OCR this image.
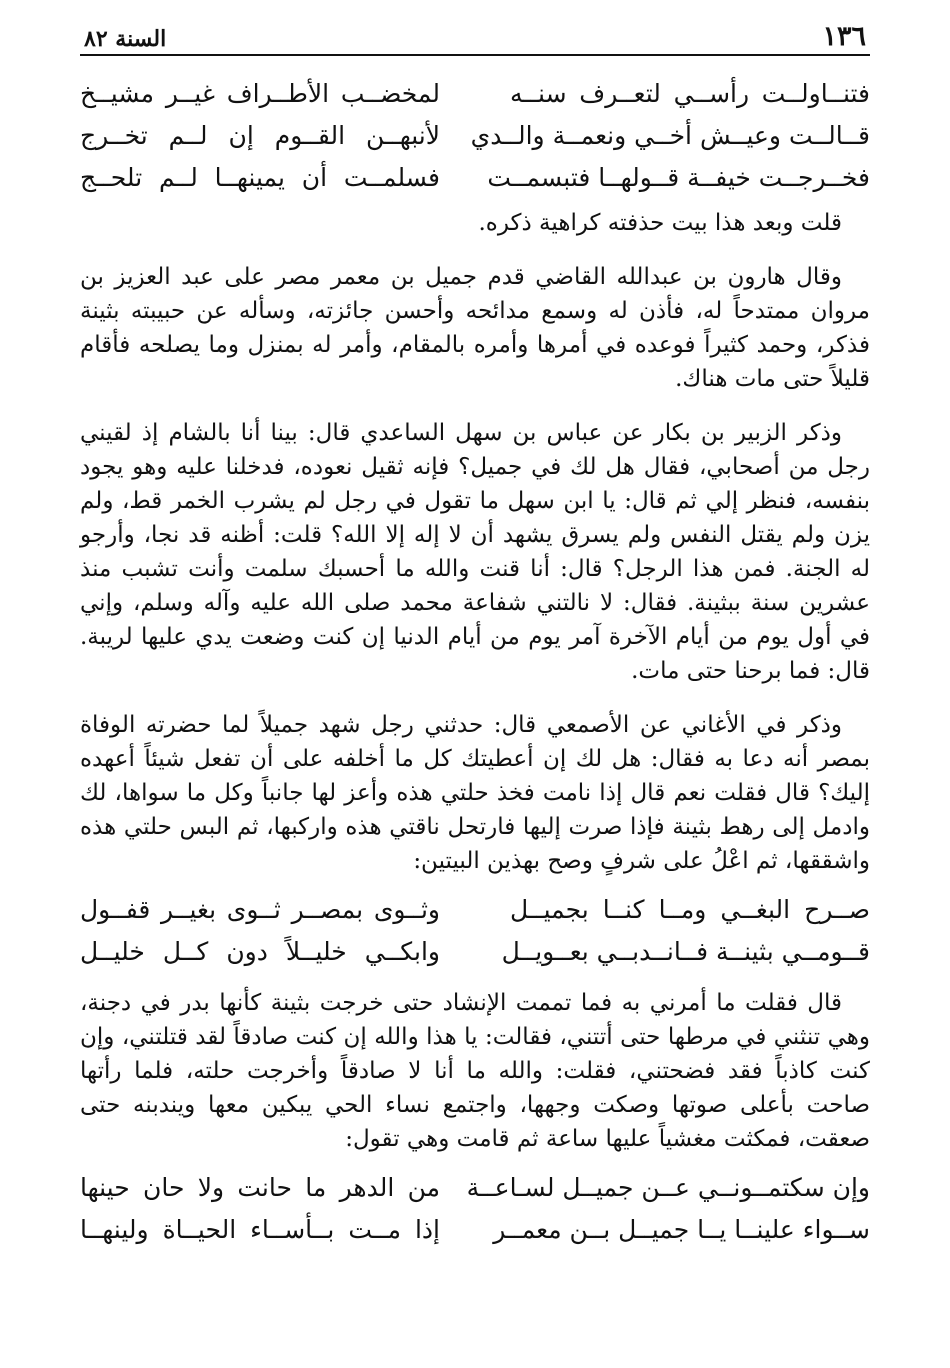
١٣٦
السنة ٨٢
فتنــاولــت رأســي لتعــرف سنــه
لمخضــب الأطــراف غيــر مشيــخ
قــالــت وعيــش أخــي ونعمــة والــدي
لأنبهــن القــوم إن لــم تخــرج
فخــرجــت خيفــة قــولهــا فتبسمــت
فسلمــت أن يمينهــا لــم تلحــج

قلت وبعد هذا بيت حذفته كراهية ذكره.

وقال هارون بن عبدالله القاضي قدم جميل بن معمر مصر على عبد العزيز بن مروان ممتدحاً له، فأذن له وسمع مدائحه وأحسن جائزته، وسأله عن حبيبته بثينة فذكر، وحمد كثيراً فوعده في أمرها وأمره بالمقام، وأمر له بمنزل وما يصلحه فأقام قليلاً حتى مات هناك.

وذكر الزبير بن بكار عن عباس بن سهل الساعدي قال: بينا أنا بالشام إذ لقيني رجل من أصحابي، فقال هل لك في جميل؟ فإنه ثقيل نعوده، فدخلنا عليه وهو يجود بنفسه، فنظر إلي ثم قال: يا ابن سهل ما تقول في رجل لم يشرب الخمر قط، ولم يزن ولم يقتل النفس ولم يسرق يشهد أن لا إله إلا الله؟ قلت: أظنه قد نجا، وأرجو له الجنة. فمن هذا الرجل؟ قال: أنا قنت والله ما أحسبك سلمت وأنت تشبب منذ عشرين سنة ببثينة. فقال: لا نالتني شفاعة محمد صلى الله عليه وآله وسلم، وإني في أول يوم من أيام الآخرة آمر يوم من أيام الدنيا إن كنت وضعت يدي عليها لريبة. قال: فما برحنا حتى مات.

وذكر في الأغاني عن الأصمعي قال: حدثني رجل شهد جميلاً لما حضرته الوفاة بمصر أنه دعا به فقال: هل لك إن أعطيتك كل ما أخلفه على أن تفعل شيئاً أعهده إليك؟ قال فقلت نعم قال إذا نامت فخذ حلتي هذه وأعز لها جانباً وكل ما سواها، لك وادمل إلى رهط بثينة فإذا صرت إليها فارتحل ناقتي هذه واركبها، ثم البس حلتي هذه واشققها، ثم اعْلُ على شرفٍ وصح بهذين البيتين:

صــرح البغــي ومــا كنــا بجميــل
وثــوى بمصــر ثــوى بغيــر قفــول
قــومــي بثينــة فــانــدبــي بعــويــل
وابكــي خليــلاً دون كــل خليــل

قال فقلت ما أمرني به فما تممت الإنشاد حتى خرجت بثينة كأنها بدر في دجنة، وهي تنثني في مرطها حتى أتتني، فقالت: يا هذا والله إن كنت صادقاً لقد قتلتني، وإن كنت كاذباً فقد فضحتني، فقلت: والله ما أنا لا صادقاً وأخرجت حلته، فلما رأتها صاحت بأعلى صوتها وصكت وجهها، واجتمع نساء الحي يبكين معها ويندبنه حتى صعقت، فمكثت مغشياً عليها ساعة ثم قامت وهي تقول:

وإن سكتمــونــي عــن جميــل لسـاعــة
من الدهر ما حانت ولا حان حينها
ســواء علينــا يــا جميــل بــن معمــر
إذا مــت بــأســاء الحيــاة ولينهــا
